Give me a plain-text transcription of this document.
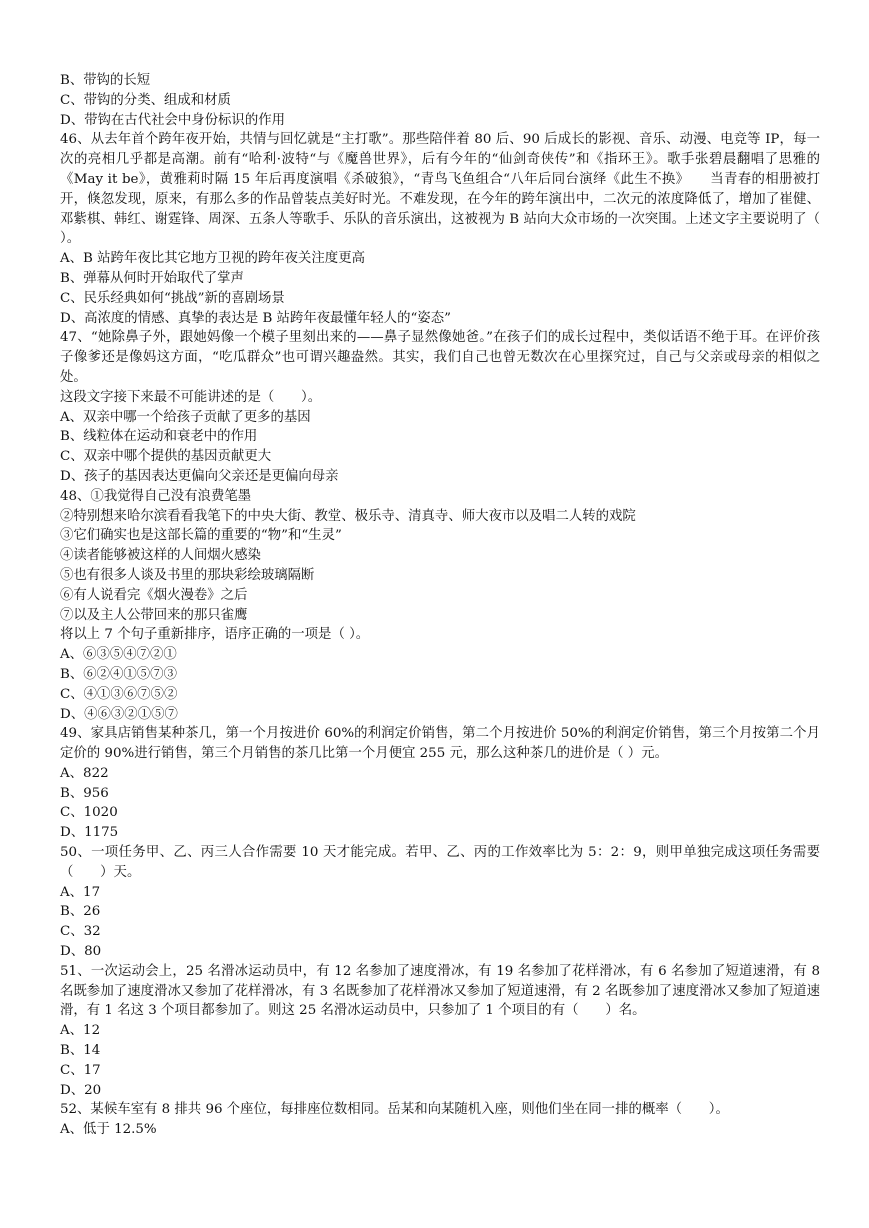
B、带钩的长短
C、带钩的分类、组成和材质
D、带钩在古代社会中身份标识的作用
46、从去年首个跨年夜开始，共情与回忆就是“主打歌”。那些陪伴着 80 后、90 后成长的影视、音乐、动漫、电竞等 IP，每一次的亮相几乎都是高潮。前有“哈利·波特“与《魔兽世界》，后有今年的“仙剑奇侠传”和《指环王》。歌手张碧晨翻唱了思雅的《May it be》，黄雅莉时隔 15 年后再度演唱《杀破狼》，“青鸟飞鱼组合“八年后同台演绎《此生不换》　　当青春的相册被打开，倏忽发现，原来，有那么多的作品曾装点美好时光。不难发现，在今年的跨年演出中，二次元的浓度降低了，增加了崔健、邓紫棋、韩红、谢霆锋、周深、五条人等歌手、乐队的音乐演出，这被视为 B 站向大众市场的一次突围。上述文字主要说明了（ ）。
A、B 站跨年夜比其它地方卫视的跨年夜关注度更高
B、弹幕从何时开始取代了掌声
C、民乐经典如何“挑战”新的喜剧场景
D、高浓度的情感、真挚的表达是 B 站跨年夜最懂年轻人的“姿态”
47、“她除鼻子外，跟她妈像一个模子里刻出来的——鼻子显然像她爸。”在孩子们的成长过程中，类似话语不绝于耳。在评价孩子像爹还是像妈这方面，“吃瓜群众”也可谓兴趣盎然。其实，我们自己也曾无数次在心里探究过，自己与父亲或母亲的相似之处。
这段文字接下来最不可能讲述的是（　　）。
A、双亲中哪一个给孩子贡献了更多的基因
B、线粒体在运动和衰老中的作用
C、双亲中哪个提供的基因贡献更大
D、孩子的基因表达更偏向父亲还是更偏向母亲
48、①我觉得自己没有浪费笔墨
②特别想来哈尔滨看看我笔下的中央大街、教堂、极乐寺、清真寺、师大夜市以及唱二人转的戏院
③它们确实也是这部长篇的重要的“物”和“生灵”
④读者能够被这样的人间烟火感染
⑤也有很多人谈及书里的那块彩绘玻璃隔断
⑥有人说看完《烟火漫卷》之后
⑦以及主人公带回来的那只雀鹰
将以上 7 个句子重新排序，语序正确的一项是（ ）。
A、⑥③⑤④⑦②①
B、⑥②④①⑤⑦③
C、④①③⑥⑦⑤②
D、④⑥③②①⑤⑦
49、家具店销售某种茶几，第一个月按进价 60%的利润定价销售，第二个月按进价 50%的利润定价销售，第三个月按第二个月定价的 90%进行销售，第三个月销售的茶几比第一个月便宜 255 元，那么这种茶几的进价是（ ）元。
A、822
B、956
C、1020
D、1175
50、一项任务甲、乙、丙三人合作需要 10 天才能完成。若甲、乙、丙的工作效率比为 5：2：9，则甲单独完成这项任务需要（　　）天。
A、17
B、26
C、32
D、80
51、一次运动会上，25 名滑冰运动员中，有 12 名参加了速度滑冰，有 19 名参加了花样滑冰，有 6 名参加了短道速滑，有 8 名既参加了速度滑冰又参加了花样滑冰，有 3 名既参加了花样滑冰又参加了短道速滑，有 2 名既参加了速度滑冰又参加了短道速滑，有 1 名这 3 个项目都参加了。则这 25 名滑冰运动员中，只参加了 1 个项目的有（　　）名。
A、12
B、14
C、17
D、20
52、某候车室有 8 排共 96 个座位，每排座位数相同。岳某和向某随机入座，则他们坐在同一排的概率（　　）。
A、低于 12.5%
